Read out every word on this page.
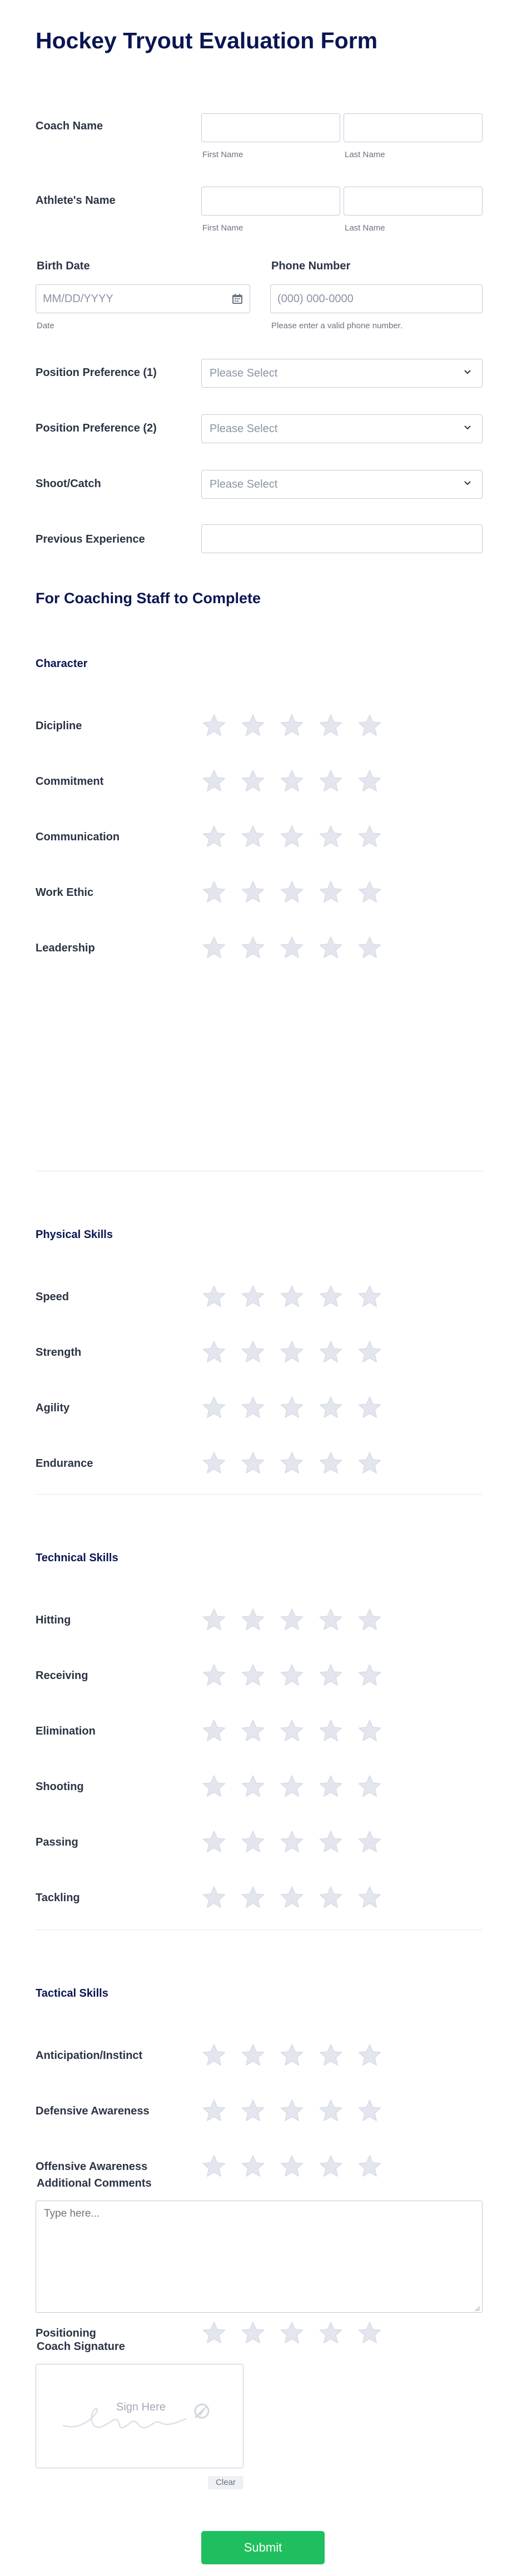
Hockey Tryout Evaluation Form
Coach Name
First Name	Last Name
Athlete's Name
First Name	Last Name
Birth Date	Phone Number
MM/DD/YYYY
Date
(000) 000-0000
Please enter a valid phone number.
Position Preference (1)	Please Select
Position Preference (2)	Please Select
Shoot/Catch	Please Select
Previous Experience
For Coaching Staff to Complete
Character
Dicipline
Commitment
Communication
Work Ethic
Leadership
Physical Skills
Speed
Strength
Agility
Endurance
Technical Skills
Hitting
Receiving
Elimination
Shooting
Passing
Tackling
Tactical Skills
Anticipation/Instinct
Defensive Awareness
Offensive Awareness
Positioning
Additional Comments
Type here...
Coach Signature
Sign Here
Clear
Submit
